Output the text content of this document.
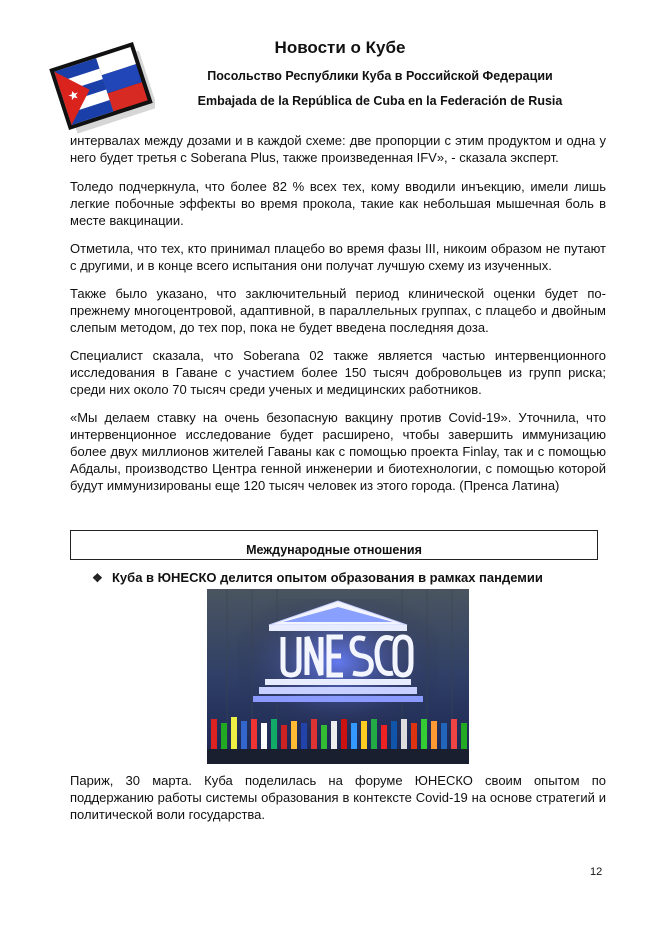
Новости о Кубе
Посольство Республики Куба в Российской Федерации
Embajada de la República de Cuba en la Federación de Rusia

интервалах между дозами и в каждой схеме: две пропорции с этим продуктом и одна у него будет третья с Soberana Plus, также произведенная IFV», - сказала эксперт.

Толедо подчеркнула, что более 82 % всех тех, кому вводили инъекцию, имели лишь легкие побочные эффекты во время прокола, такие как небольшая мышечная боль в месте вакцинации.

Отметила, что тех, кто принимал плацебо во время фазы III, никоим образом не путают с другими, и в конце всего испытания они получат лучшую схему из изученных.

Также было указано, что заключительный период клинической оценки будет по-прежнему многоцентровой, адаптивной, в параллельных группах, с плацебо и двойным слепым методом, до тех пор, пока не будет введена последняя доза.

Специалист сказала, что Soberana 02 также является частью интервенционного исследования в Гаване с участием более 150 тысяч добровольцев из групп риска; среди них около 70 тысяч среди ученых и медицинских работников.

«Мы делаем ставку на очень безопасную вакцину против Covid-19». Уточнила, что интервенционное исследование будет расширено, чтобы завершить иммунизацию более двух миллионов жителей Гаваны как с помощью проекта Finlay, так и с помощью Абдалы, производство Центра генной инженерии и биотехнологии, с помощью которой будут иммунизированы еще 120 тысяч человек из этого города. (Пренса Латина)

Международные отношения
❖ Куба в ЮНЕСКО делится опытом образования в рамках пандемии

Париж, 30 марта. Куба поделилась на форуме ЮНЕСКО своим опытом по поддержанию работы системы образования в контексте Covid-19 на основе стратегий и политической воли государства.

12
